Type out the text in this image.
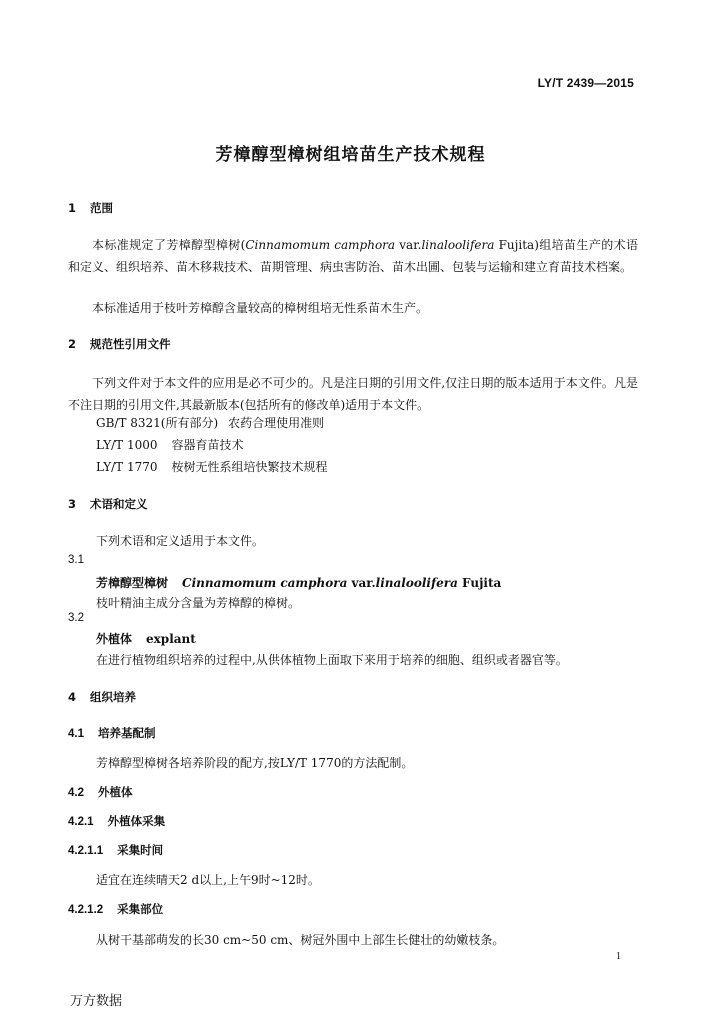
LY/T 2439—2015
芳樟醇型樟树组培苗生产技术规程
1 范围
本标准规定了芳樟醇型樟树(Cinnamomum camphora var.linaloolifera Fujita)组培苗生产的术语和定义、组织培养、苗木移栽技术、苗期管理、病虫害防治、苗木出圃、包装与运输和建立育苗技术档案。
本标准适用于枝叶芳樟醇含量较高的樟树组培无性系苗木生产。
2 规范性引用文件
下列文件对于本文件的应用是必不可少的。凡是注日期的引用文件,仅注日期的版本适用于本文件。凡是不注日期的引用文件,其最新版本(包括所有的修改单)适用于本文件。
GB/T 8321(所有部分) 农药合理使用准则
LY/T 1000 容器育苗技术
LY/T 1770 桉树无性系组培快繁技术规程
3 术语和定义
下列术语和定义适用于本文件。
3.1
芳樟醇型樟树 Cinnamomum camphora var.linaloolifera Fujita
枝叶精油主成分含量为芳樟醇的樟树。
3.2
外植体 explant
在进行植物组织培养的过程中,从供体植物上面取下来用于培养的细胞、组织或者器官等。
4 组织培养
4.1 培养基配制
芳樟醇型樟树各培养阶段的配方,按LY/T 1770的方法配制。
4.2 外植体
4.2.1 外植体采集
4.2.1.1 采集时间
适宜在连续晴天2 d以上,上午9时~12时。
4.2.1.2 采集部位
从树干基部萌发的长30 cm~50 cm、树冠外围中上部生长健壮的幼嫩枝条。
1
万方数据
